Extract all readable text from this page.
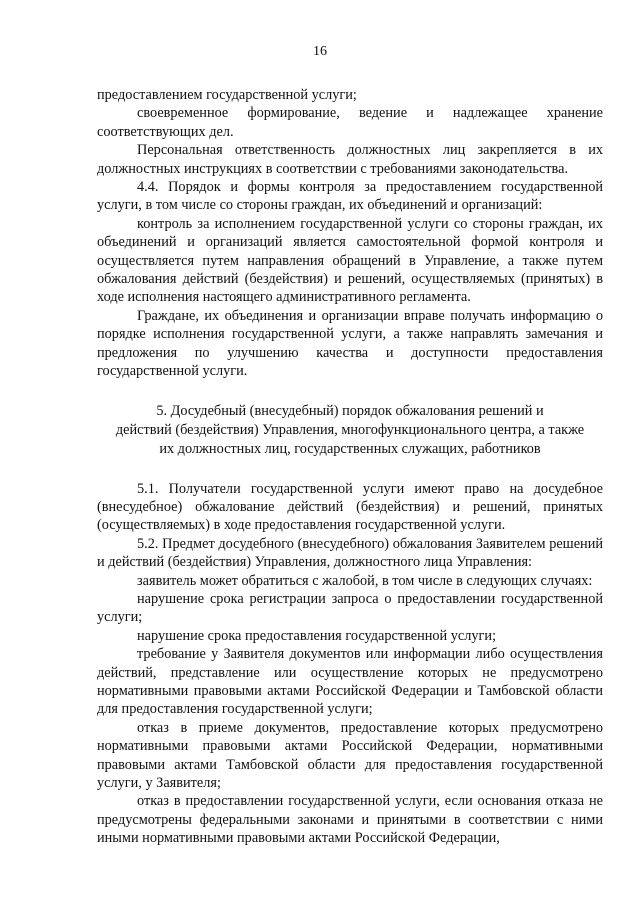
16

предоставлением государственной услуги;

своевременное формирование, ведение и надлежащее хранение соответствующих дел.

Персональная ответственность должностных лиц закрепляется в их должностных инструкциях в соответствии с требованиями законодательства.

4.4. Порядок и формы контроля за предоставлением государственной услуги, в том числе со стороны граждан, их объединений и организаций:

контроль за исполнением государственной услуги со стороны граждан, их объединений и организаций является самостоятельной формой контроля и осуществляется путем направления обращений в Управление, а также путем обжалования действий (бездействия) и решений, осуществляемых (принятых) в ходе исполнения настоящего административного регламента.

Граждане, их объединения и организации вправе получать информацию о порядке исполнения государственной услуги, а также направлять замечания и предложения по улучшению качества и доступности предоставления государственной услуги.

5. Досудебный (внесудебный) порядок обжалования решений и
действий (бездействия) Управления, многофункционального центра, а также
их должностных лиц, государственных служащих, работников

5.1. Получатели государственной услуги имеют право на досудебное (внесудебное) обжалование действий (бездействия) и решений, принятых (осуществляемых) в ходе предоставления государственной услуги.

5.2. Предмет досудебного (внесудебного) обжалования Заявителем решений и действий (бездействия) Управления, должностного лица Управления:

заявитель может обратиться с жалобой, в том числе в следующих случаях:

нарушение срока регистрации запроса о предоставлении государственной услуги;

нарушение срока предоставления государственной услуги;

требование у Заявителя документов или информации либо осуществления действий, представление или осуществление которых не предусмотрено нормативными правовыми актами Российской Федерации и Тамбовской области для предоставления государственной услуги;

отказ в приеме документов, предоставление которых предусмотрено нормативными правовыми актами Российской Федерации, нормативными правовыми актами Тамбовской области для предоставления государственной услуги, у Заявителя;

отказ в предоставлении государственной услуги, если основания отказа не предусмотрены федеральными законами и принятыми в соответствии с ними иными нормативными правовыми актами Российской Федерации,
